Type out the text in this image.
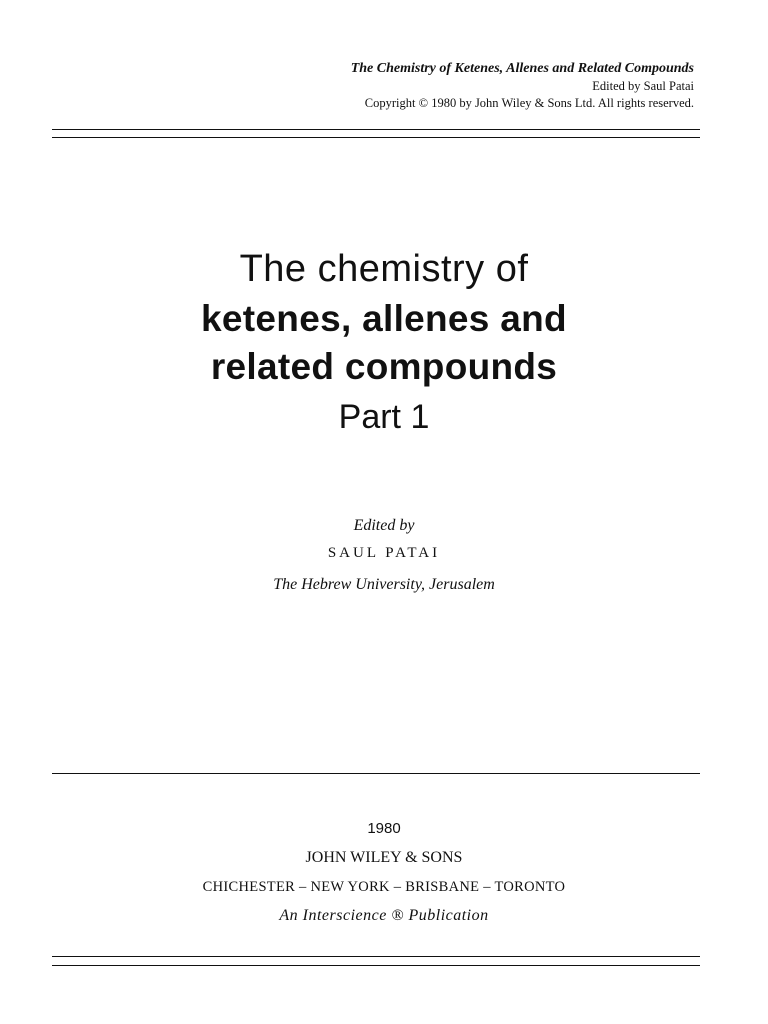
The Chemistry of Ketenes, Allenes and Related Compounds
Edited by Saul Patai
Copyright © 1980 by John Wiley & Sons Ltd. All rights reserved.
The chemistry of
ketenes, allenes and
related compounds
Part 1
Edited by
SAUL PATAI
The Hebrew University, Jerusalem
1980
JOHN WILEY & SONS
CHICHESTER – NEW YORK – BRISBANE – TORONTO
An Interscience ® Publication
